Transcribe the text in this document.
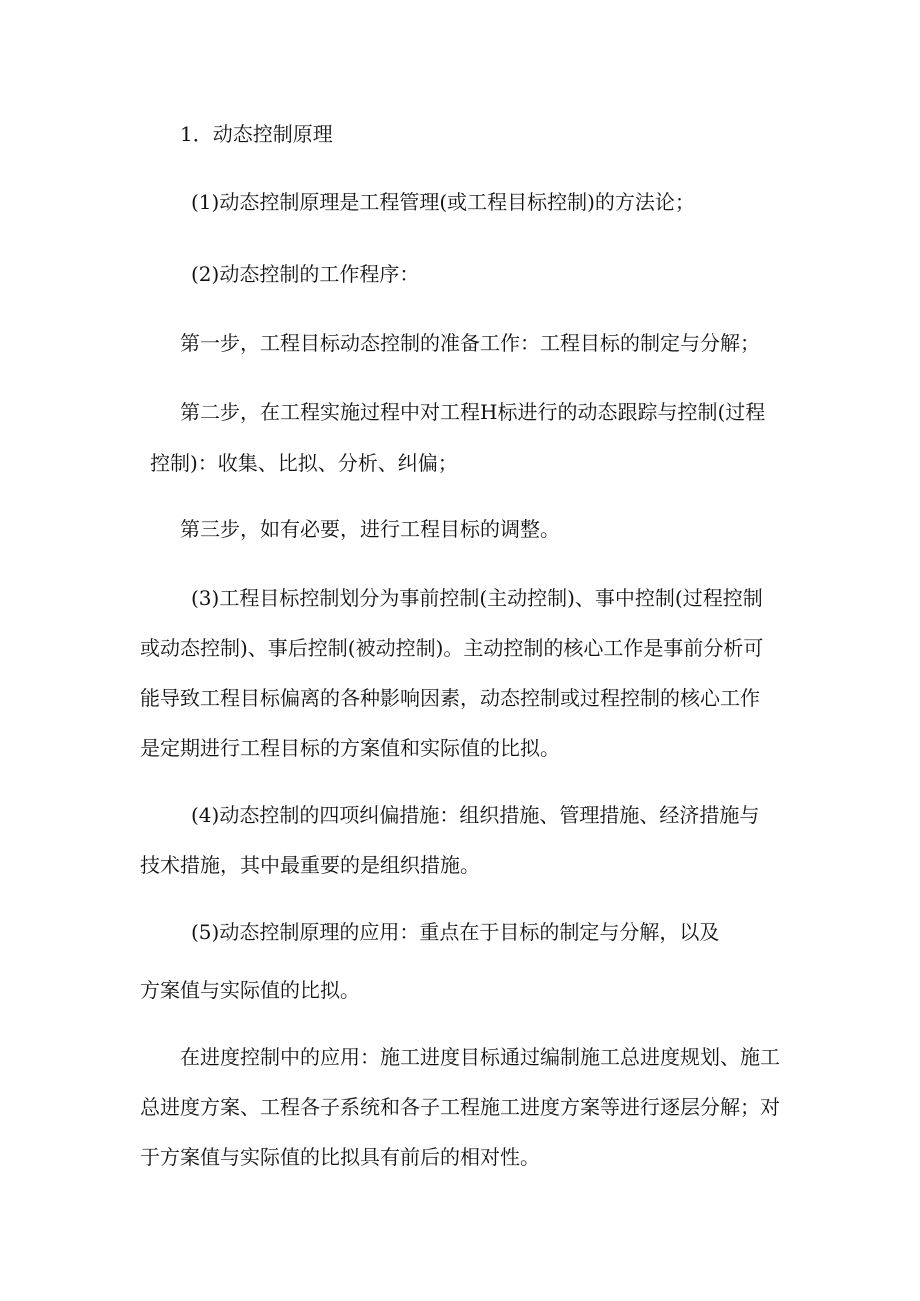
1．动态控制原理

(1)动态控制原理是工程管理(或工程目标控制)的方法论；

(2)动态控制的工作程序：

第一步，工程目标动态控制的准备工作：工程目标的制定与分解；

第二步，在工程实施过程中对工程H标进行的动态跟踪与控制(过程

控制)：收集、比拟、分析、纠偏；

第三步，如有必要，进行工程目标的调整。

(3)工程目标控制划分为事前控制(主动控制)、事中控制(过程控制

或动态控制)、事后控制(被动控制)。主动控制的核心工作是事前分析可

能导致工程目标偏离的各种影响因素，动态控制或过程控制的核心工作

是定期进行工程目标的方案值和实际值的比拟。

(4)动态控制的四项纠偏措施：组织措施、管理措施、经济措施与

技术措施，其中最重要的是组织措施。

(5)动态控制原理的应用：重点在于目标的制定与分解，以及

方案值与实际值的比拟。

在进度控制中的应用：施工进度目标通过编制施工总进度规划、施工

总进度方案、工程各子系统和各子工程施工进度方案等进行逐层分解；对

于方案值与实际值的比拟具有前后的相对性。
